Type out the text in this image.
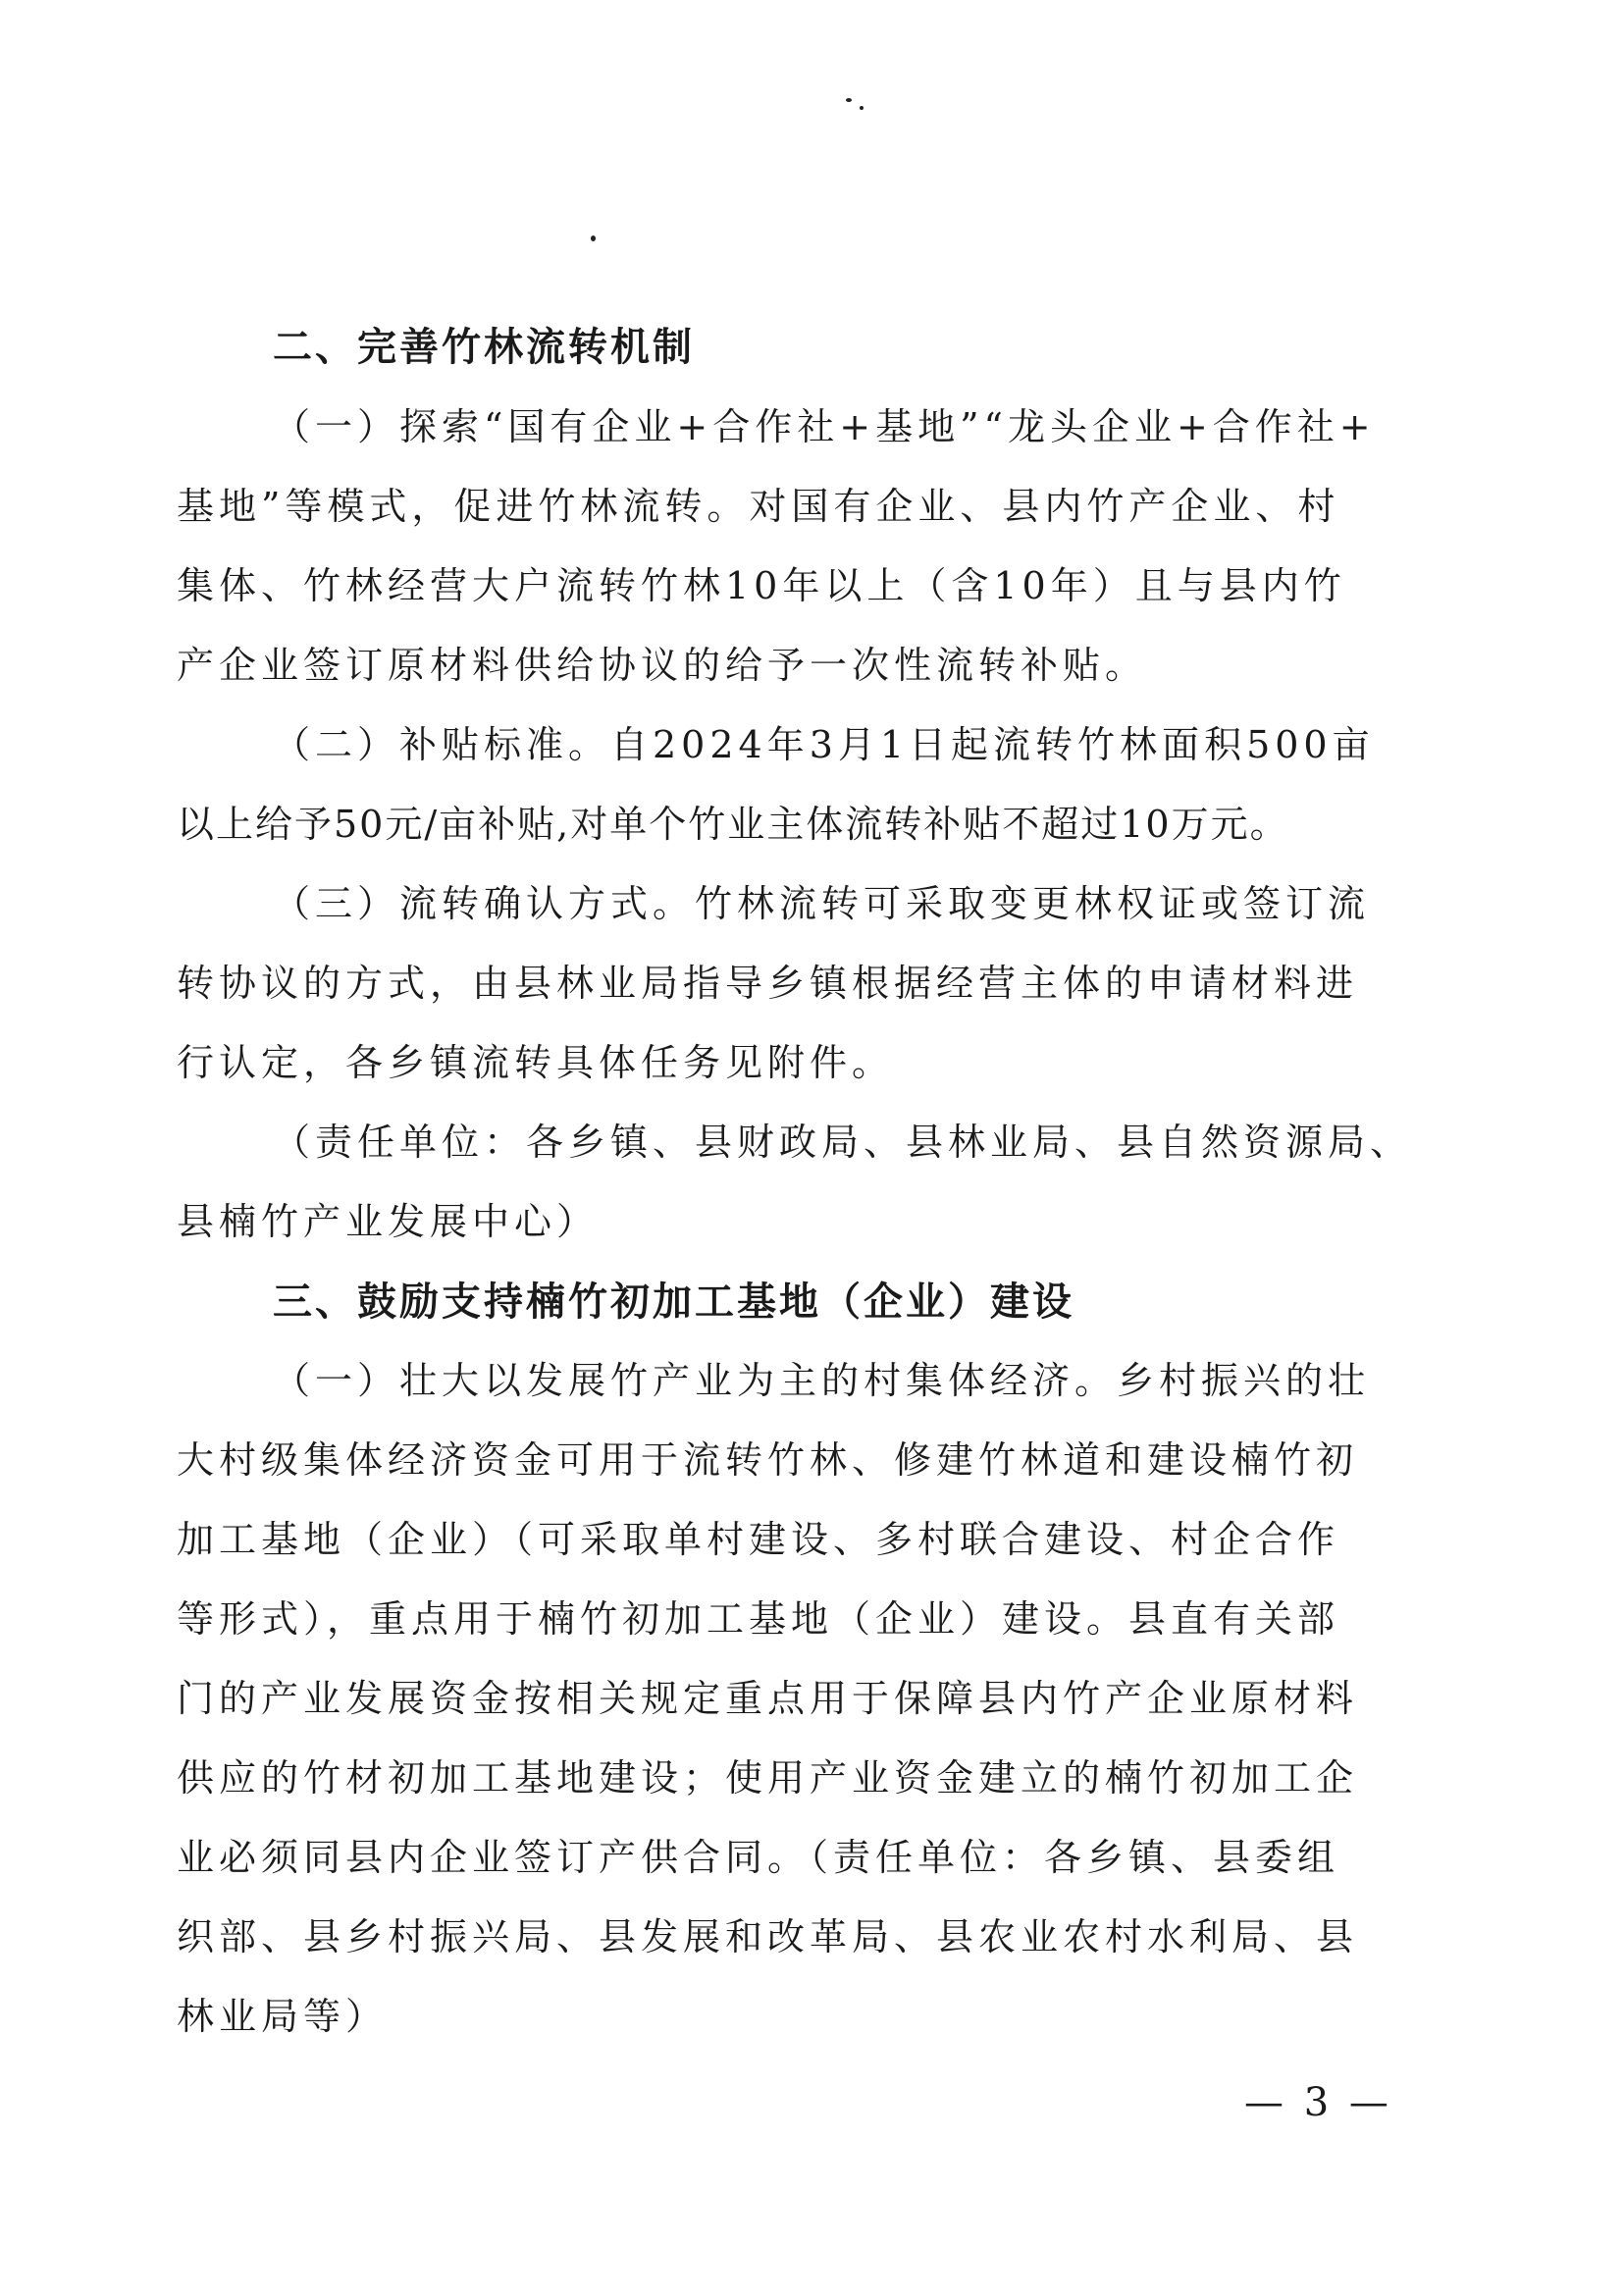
二、完善竹林流转机制
（一）探索“国有企业+合作社+基地”“龙头企业+合作社+
基地”等模式，促进竹林流转。对国有企业、县内竹产企业、村
集体、竹林经营大户流转竹林10年以上（含10年）且与县内竹
产企业签订原材料供给协议的给予一次性流转补贴。
（二）补贴标准。自2024年3月1日起流转竹林面积500亩
以上给予50元/亩补贴,对单个竹业主体流转补贴不超过10万元。
（三）流转确认方式。竹林流转可采取变更林权证或签订流
转协议的方式，由县林业局指导乡镇根据经营主体的申请材料进
行认定，各乡镇流转具体任务见附件。
（责任单位：各乡镇、县财政局、县林业局、县自然资源局、
县楠竹产业发展中心）
三、鼓励支持楠竹初加工基地（企业）建设
（一）壮大以发展竹产业为主的村集体经济。乡村振兴的壮
大村级集体经济资金可用于流转竹林、修建竹林道和建设楠竹初
加工基地（企业）（可采取单村建设、多村联合建设、村企合作
等形式），重点用于楠竹初加工基地（企业）建设。县直有关部
门的产业发展资金按相关规定重点用于保障县内竹产企业原材料
供应的竹材初加工基地建设；使用产业资金建立的楠竹初加工企
业必须同县内企业签订产供合同。（责任单位：各乡镇、县委组
织部、县乡村振兴局、县发展和改革局、县农业农村水利局、县
林业局等）
— 3 —
